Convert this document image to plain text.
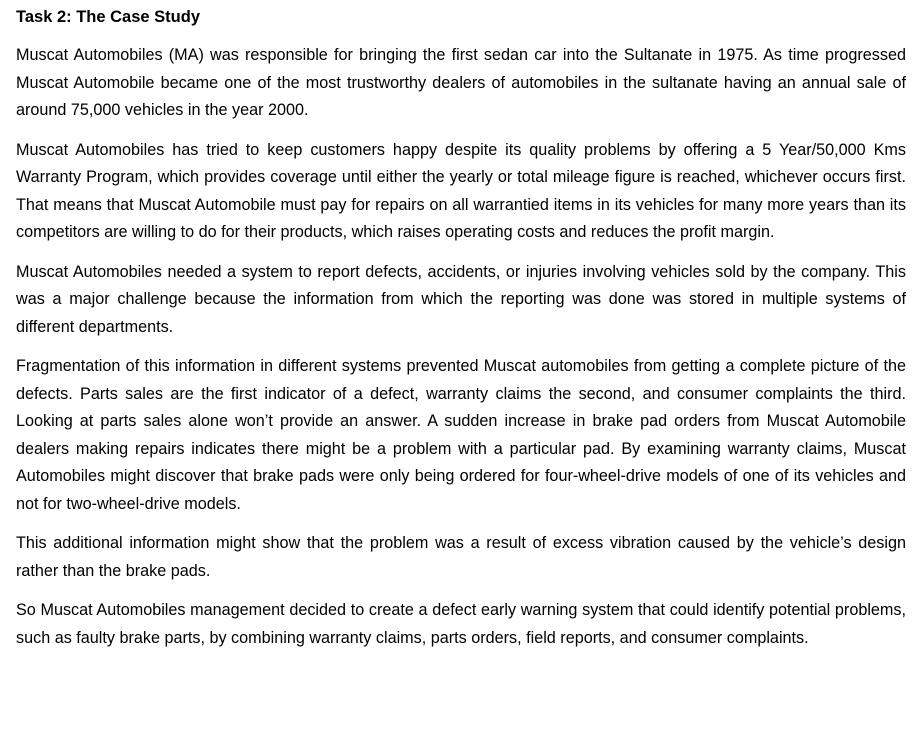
Task 2: The Case Study

Muscat Automobiles (MA) was responsible for bringing the first sedan car into the Sultanate in 1975. As time progressed Muscat Automobile became one of the most trustworthy dealers of automobiles in the sultanate having an annual sale of around 75,000 vehicles in the year 2000.

Muscat Automobiles has tried to keep customers happy despite its quality problems by offering a 5 Year/50,000 Kms Warranty Program, which provides coverage until either the yearly or total mileage figure is reached, whichever occurs first. That means that Muscat Automobile must pay for repairs on all warrantied items in its vehicles for many more years than its competitors are willing to do for their products, which raises operating costs and reduces the profit margin.

Muscat Automobiles needed a system to report defects, accidents, or injuries involving vehicles sold by the company. This was a major challenge because the information from which the reporting was done was stored in multiple systems of different departments.

Fragmentation of this information in different systems prevented Muscat automobiles from getting a complete picture of the defects. Parts sales are the first indicator of a defect, warranty claims the second, and consumer complaints the third. Looking at parts sales alone won’t provide an answer. A sudden increase in brake pad orders from Muscat Automobile dealers making repairs indicates there might be a problem with a particular pad. By examining warranty claims, Muscat Automobiles might discover that brake pads were only being ordered for four-wheel-drive models of one of its vehicles and not for two-wheel-drive models.

This additional information might show that the problem was a result of excess vibration caused by the vehicle’s design rather than the brake pads.

So Muscat Automobiles management decided to create a defect early warning system that could identify potential problems, such as faulty brake parts, by combining warranty claims, parts orders, field reports, and consumer complaints.
